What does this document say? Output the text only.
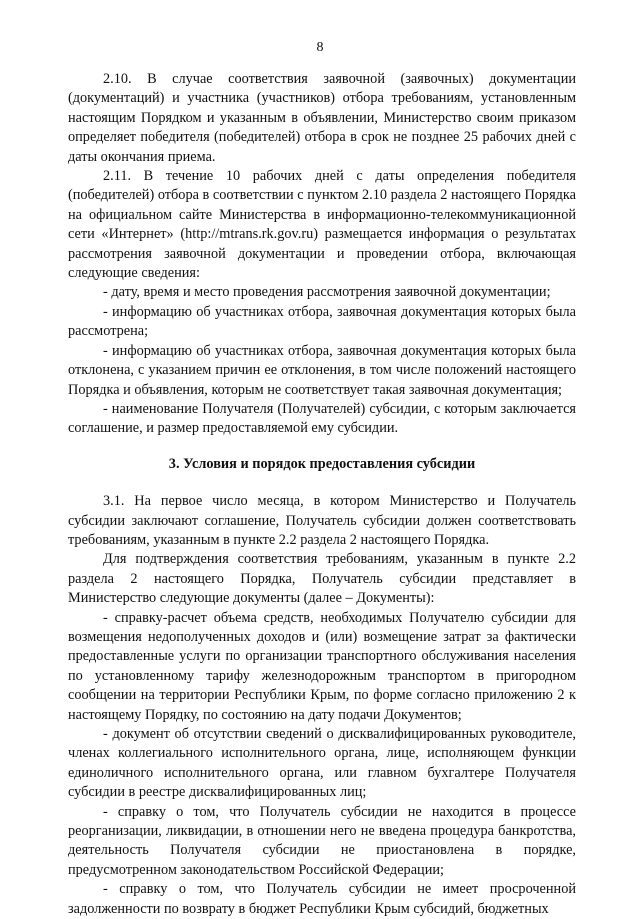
8

2.10. В случае соответствия заявочной (заявочных) документации (документаций) и участника (участников) отбора требованиям, установленным настоящим Порядком и указанным в объявлении, Министерство своим приказом определяет победителя (победителей) отбора в срок не позднее 25 рабочих дней с даты окончания приема.

2.11. В течение 10 рабочих дней с даты определения победителя (победителей) отбора в соответствии с пунктом 2.10 раздела 2 настоящего Порядка на официальном сайте Министерства в информационно-телекоммуникационной сети «Интернет» (http://mtrans.rk.gov.ru) размещается информация о результатах рассмотрения заявочной документации и проведении отбора, включающая следующие сведения:

- дату, время и место проведения рассмотрения заявочной документации;

- информацию об участниках отбора, заявочная документация которых была рассмотрена;

- информацию об участниках отбора, заявочная документация которых была отклонена, с указанием причин ее отклонения, в том числе положений настоящего Порядка и объявления, которым не соответствует такая заявочная документация;

- наименование Получателя (Получателей) субсидии, с которым заключается соглашение, и размер предоставляемой ему субсидии.

3. Условия и порядок предоставления субсидии

3.1. На первое число месяца, в котором Министерство и Получатель субсидии заключают соглашение, Получатель субсидии должен соответствовать требованиям, указанным в пункте 2.2 раздела 2 настоящего Порядка.

Для подтверждения соответствия требованиям, указанным в пункте 2.2 раздела 2 настоящего Порядка, Получатель субсидии представляет в Министерство следующие документы (далее – Документы):

- справку-расчет объема средств, необходимых Получателю субсидии для возмещения недополученных доходов и (или) возмещение затрат за фактически предоставленные услуги по организации транспортного обслуживания населения по установленному тарифу железнодорожным транспортом в пригородном сообщении на территории Республики Крым, по форме согласно приложению 2 к настоящему Порядку, по состоянию на дату подачи Документов;

- документ об отсутствии сведений о дисквалифицированных руководителе, членах коллегиального исполнительного органа, лице, исполняющем функции единоличного исполнительного органа, или главном бухгалтере Получателя субсидии в реестре дисквалифицированных лиц;

- справку о том, что Получатель субсидии не находится в процессе реорганизации, ликвидации, в отношении него не введена процедура банкротства, деятельность Получателя субсидии не приостановлена в порядке, предусмотренном законодательством Российской Федерации;

- справку о том, что Получатель субсидии не имеет просроченной задолженности по возврату в бюджет Республики Крым субсидий, бюджетных
